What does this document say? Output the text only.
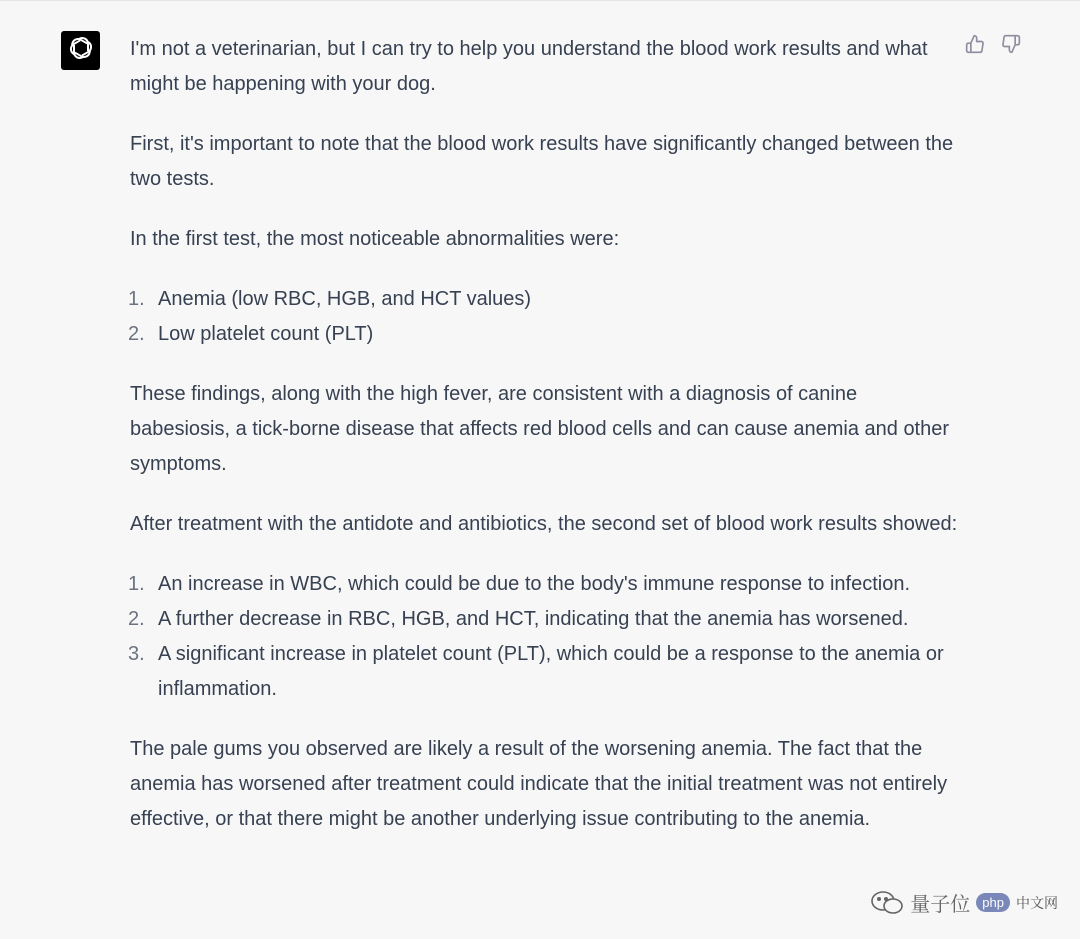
I'm not a veterinarian, but I can try to help you understand the blood work results and what might be happening with your dog.

First, it's important to note that the blood work results have significantly changed between the two tests.

In the first test, the most noticeable abnormalities were:

1. Anemia (low RBC, HGB, and HCT values)
2. Low platelet count (PLT)

These findings, along with the high fever, are consistent with a diagnosis of canine babesiosis, a tick-borne disease that affects red blood cells and can cause anemia and other symptoms.

After treatment with the antidote and antibiotics, the second set of blood work results showed:

1. An increase in WBC, which could be due to the body's immune response to infection.
2. A further decrease in RBC, HGB, and HCT, indicating that the anemia has worsened.
3. A significant increase in platelet count (PLT), which could be a response to the anemia or inflammation.

The pale gums you observed are likely a result of the worsening anemia. The fact that the anemia has worsened after treatment could indicate that the initial treatment was not entirely effective, or that there might be another underlying issue contributing to the anemia.

量子位 php 中文网
